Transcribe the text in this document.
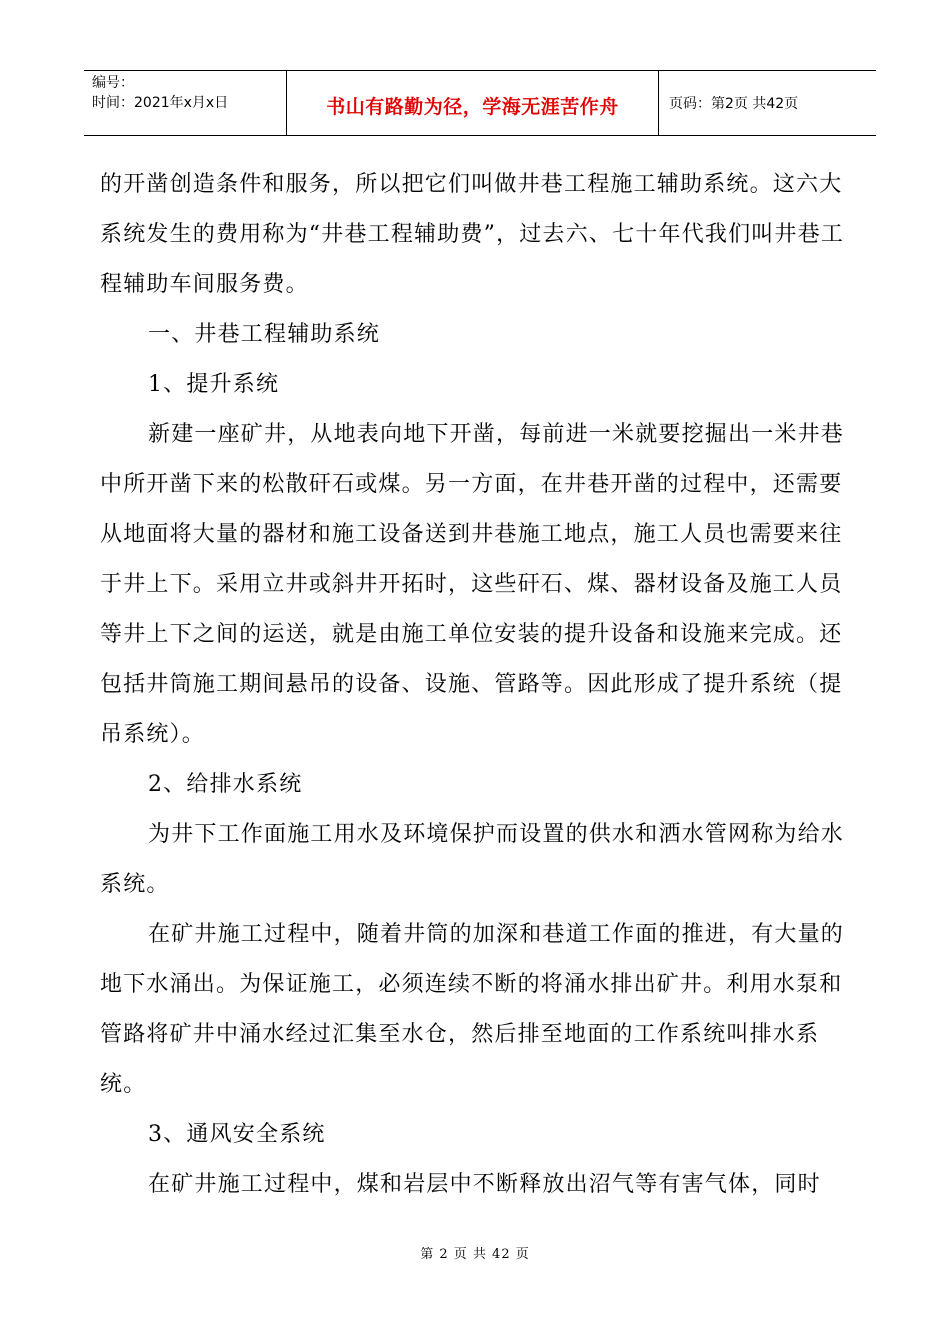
编号：
时间：2021年x月x日	书山有路勤为径，学海无涯苦作舟	页码：第2页 共42页

的开凿创造条件和服务，所以把它们叫做井巷工程施工辅助系统。这六大系统发生的费用称为“井巷工程辅助费”，过去六、七十年代我们叫井巷工程辅助车间服务费。

一、井巷工程辅助系统

1、提升系统

新建一座矿井，从地表向地下开凿，每前进一米就要挖掘出一米井巷中所开凿下来的松散矸石或煤。另一方面，在井巷开凿的过程中，还需要从地面将大量的器材和施工设备送到井巷施工地点，施工人员也需要来往于井上下。采用立井或斜井开拓时，这些矸石、煤、器材设备及施工人员等井上下之间的运送，就是由施工单位安装的提升设备和设施来完成。还包括井筒施工期间悬吊的设备、设施、管路等。因此形成了提升系统（提吊系统）。

2、给排水系统

为井下工作面施工用水及环境保护而设置的供水和洒水管网称为给水系统。

在矿井施工过程中，随着井筒的加深和巷道工作面的推进，有大量的地下水涌出。为保证施工，必须连续不断的将涌水排出矿井。利用水泵和管路将矿井中涌水经过汇集至水仓，然后排至地面的工作系统叫排水系统。

3、通风安全系统

在矿井施工过程中，煤和岩层中不断释放出沼气等有害气体，同时

第 2 页 共 42 页
